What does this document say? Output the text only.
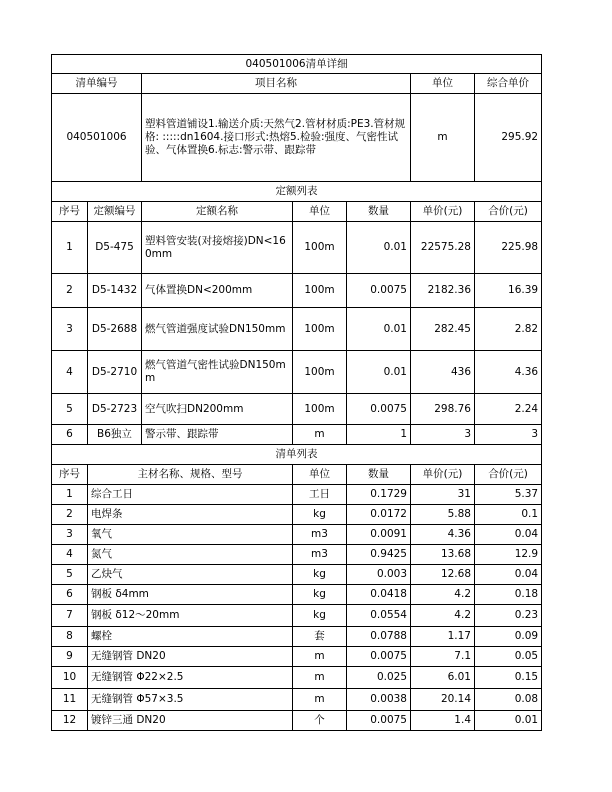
040501006清单详细						
清单编号		项目名称			单位	综合单价
040501006		塑料管道铺设1.输送介质:天然气2.管材材质:PE3.管材规格: :::::dn1604.接口形式:热熔5.检验:强度、气密性试验、气体置换6.标志:警示带、跟踪带			m	295.92
定额列表						
序号	定额编号	定额名称	单位	数量	单价(元)	合价(元)
1	D5-475	塑料管安装(对接熔接)DN<160mm	100m	0.01	22575.28	225.98
2	D5-1432	气体置换DN<200mm	100m	0.0075	2182.36	16.39
3	D5-2688	燃气管道强度试验DN150mm	100m	0.01	282.45	2.82
4	D5-2710	燃气管道气密性试验DN150mm	100m	0.01	436	4.36
5	D5-2723	空气吹扫DN200mm	100m	0.0075	298.76	2.24
6	B6独立	警示带、跟踪带	m	1	3	3
清单列表						
序号	主材名称、规格、型号		单位	数量	单价(元)	合价(元)
1	综合工日		工日	0.1729	31	5.37
2	电焊条		kg	0.0172	5.88	0.1
3	氧气		m3	0.0091	4.36	0.04
4	氮气		m3	0.9425	13.68	12.9
5	乙炔气		kg	0.003	12.68	0.04
6	钢板 δ4mm		kg	0.0418	4.2	0.18
7	钢板 δ12～20mm		kg	0.0554	4.2	0.23
8	螺栓		套	0.0788	1.17	0.09
9	无缝钢管 DN20		m	0.0075	7.1	0.05
10	无缝钢管 Φ22×2.5		m	0.025	6.01	0.15
11	无缝钢管 Φ57×3.5		m	0.0038	20.14	0.08
12	镀锌三通 DN20		个	0.0075	1.4	0.01
